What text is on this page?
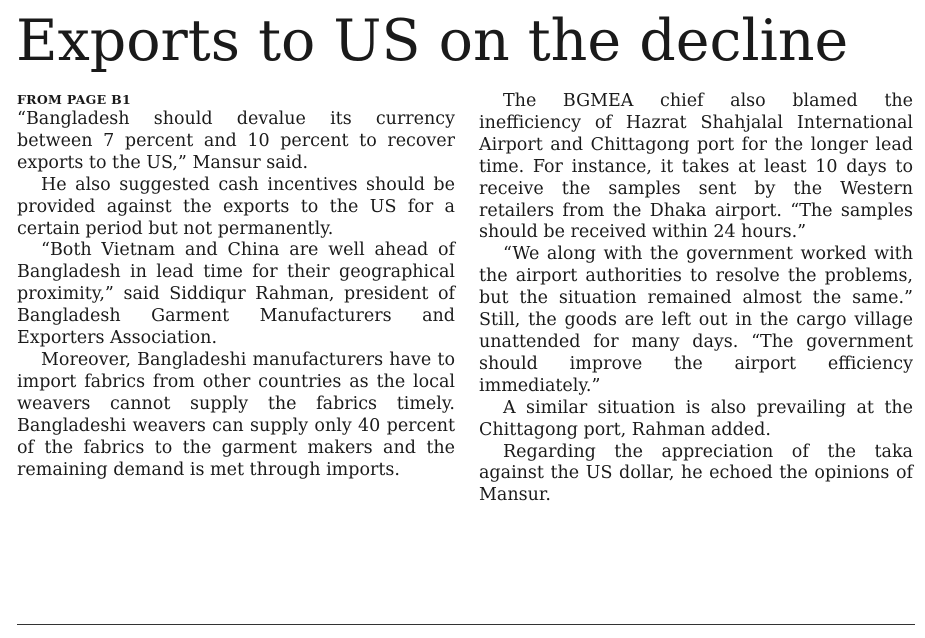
Exports to US on the decline
FROM PAGE B1

“Bangladesh should devalue its currency between 7 percent and 10 percent to recover exports to the US,” Mansur said.

He also suggested cash incentives should be provided against the exports to the US for a certain period but not permanently.

“Both Vietnam and China are well ahead of Bangladesh in lead time for their geographical proximity,” said Siddiqur Rahman, president of Bangladesh Garment Manufacturers and Exporters Association.

Moreover, Bangladeshi manufacturers have to import fabrics from other countries as the local weavers cannot supply the fabrics timely. Bangladeshi weavers can supply only 40 percent of the fabrics to the garment makers and the remaining demand is met through imports.

The BGMEA chief also blamed the inefficiency of Hazrat Shahjalal International Airport and Chittagong port for the longer lead time. For instance, it takes at least 10 days to receive the samples sent by the Western retailers from the Dhaka airport. “The samples should be received within 24 hours.”

“We along with the government worked with the airport authorities to resolve the problems, but the situation remained almost the same.” Still, the goods are left out in the cargo village unattended for many days. “The government should improve the airport efficiency immediately.”

A similar situation is also prevailing at the Chittagong port, Rahman added.

Regarding the appreciation of the taka against the US dollar, he echoed the opinions of Mansur.
